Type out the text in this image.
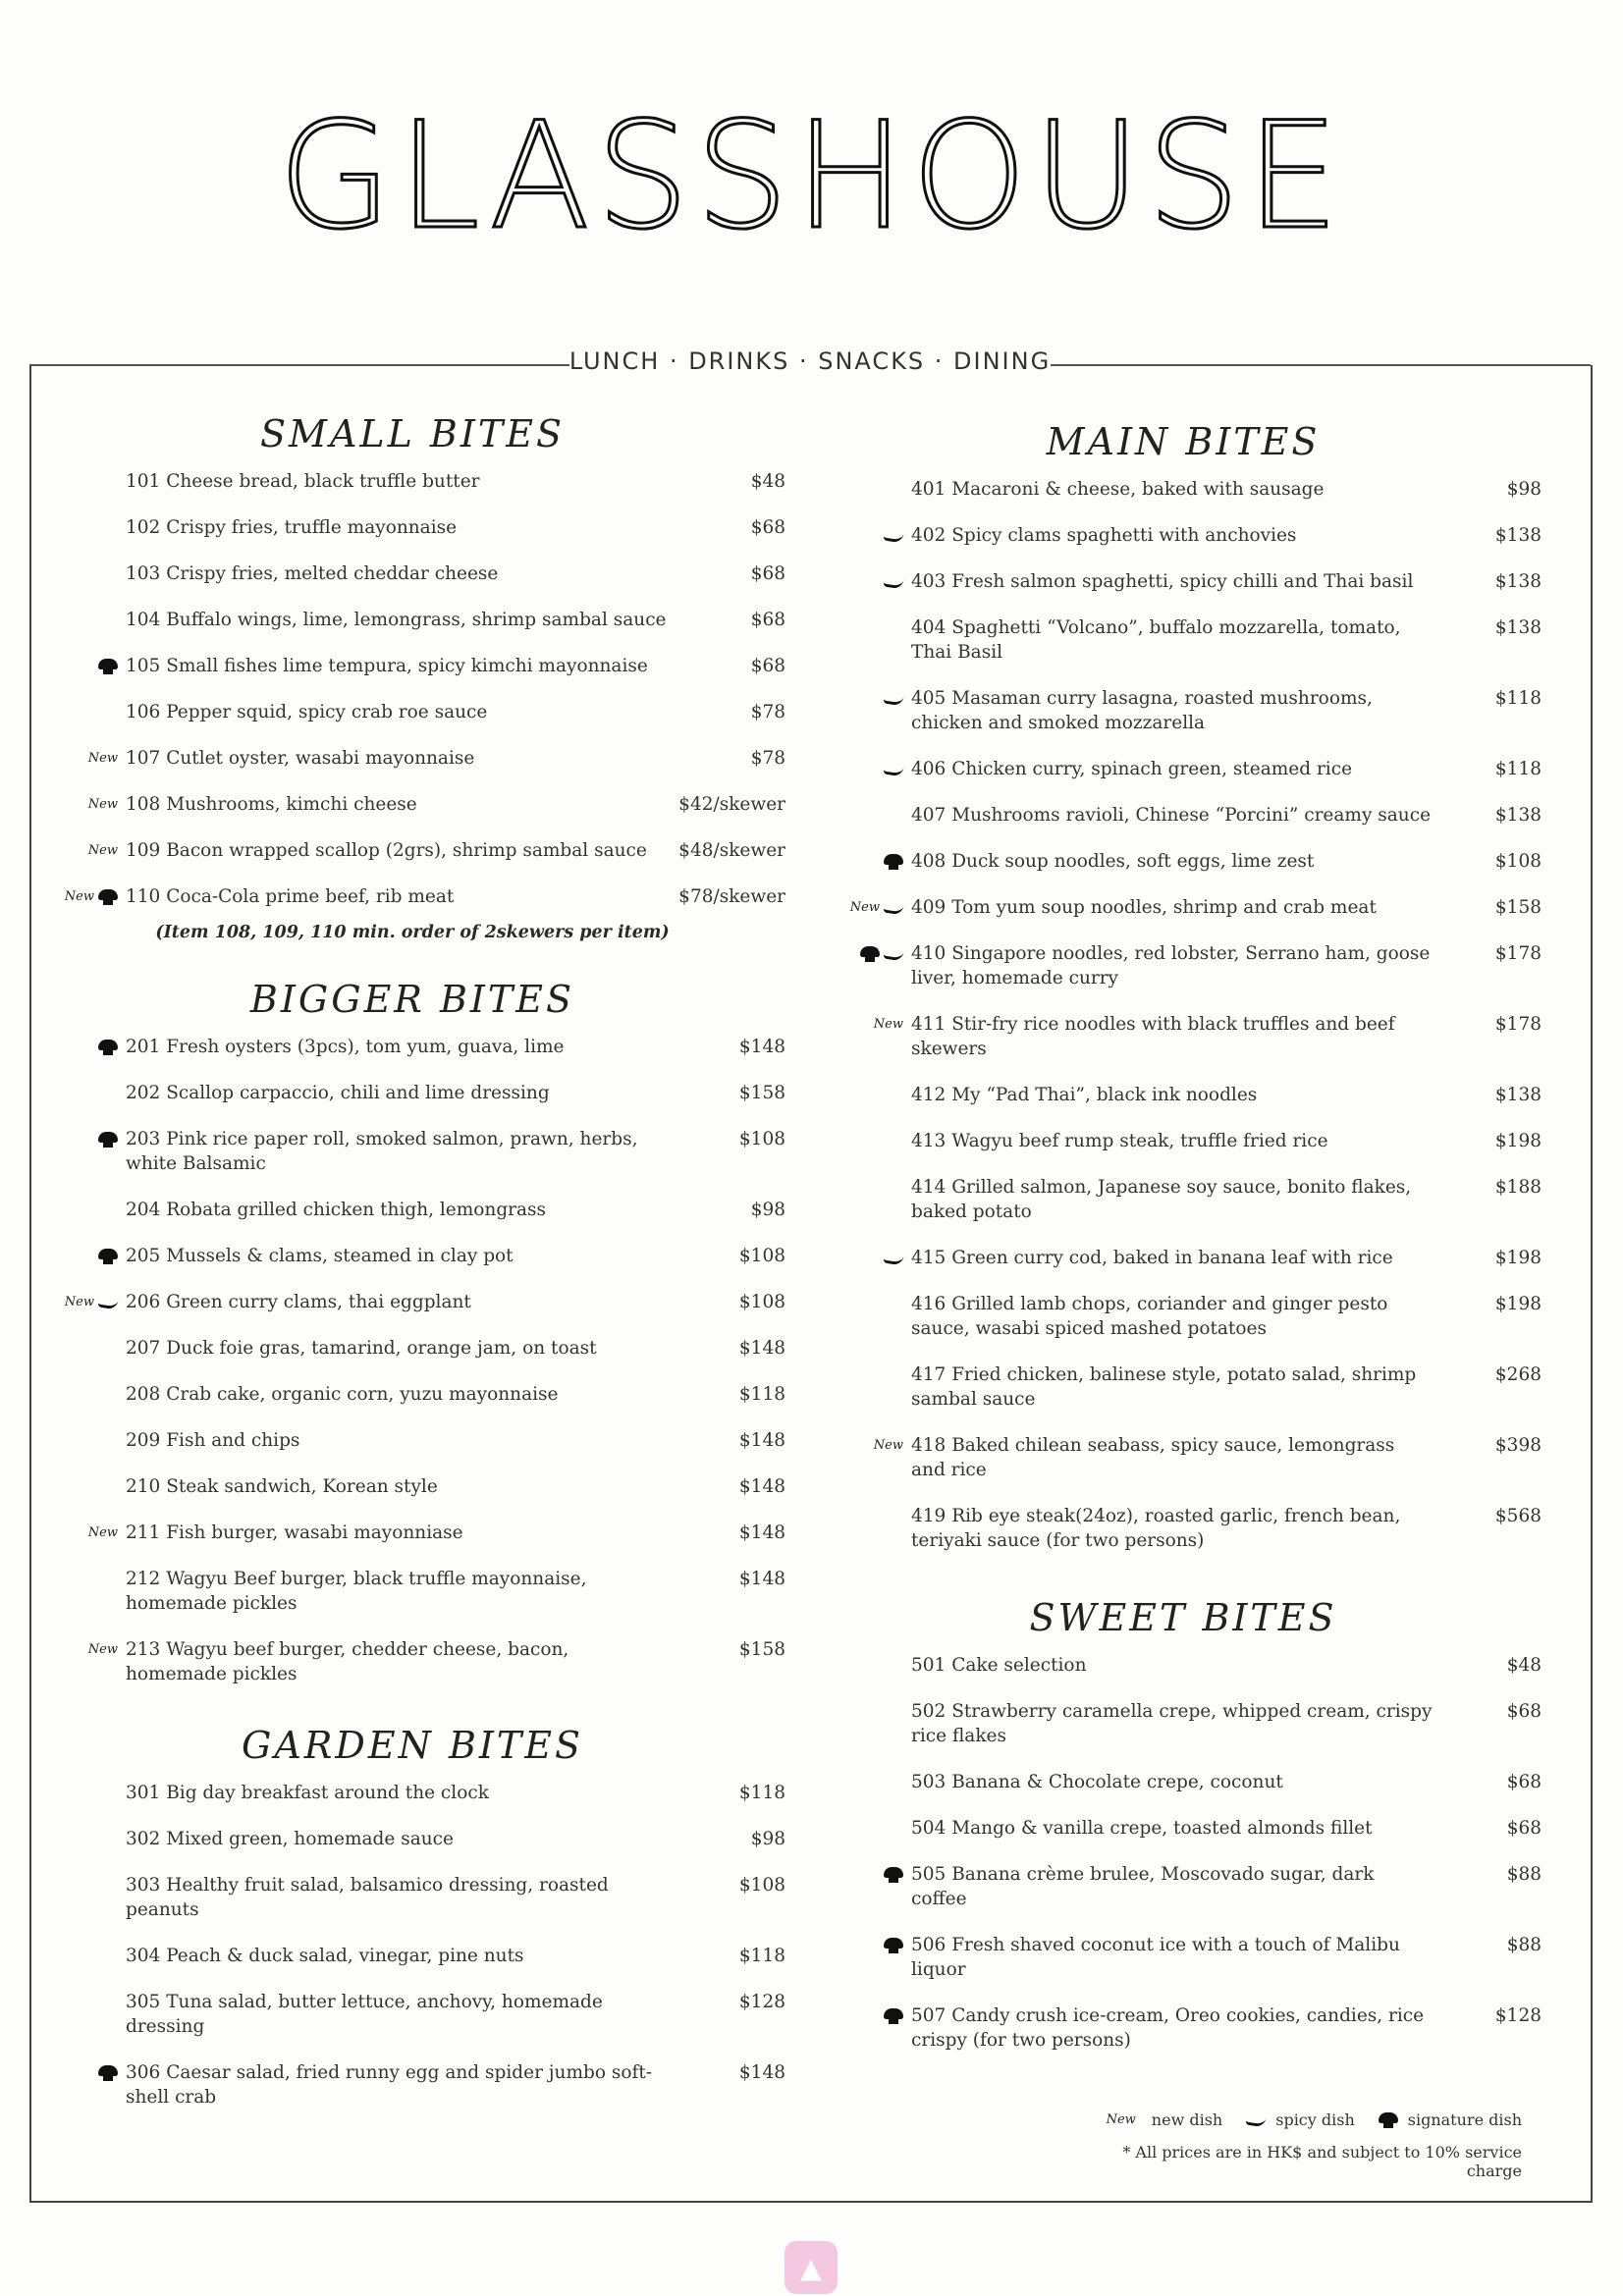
GLASSHOUSE
LUNCH · DRINKS · SNACKS · DINING
SMALL BITES
101 Cheese bread, black truffle butter	$48
102 Crispy fries, truffle mayonnaise	$68
103 Crispy fries, melted cheddar cheese	$68
104 Buffalo wings, lime, lemongrass, shrimp sambal sauce	$68
105 Small fishes lime tempura, spicy kimchi mayonnaise	$68
106 Pepper squid, spicy crab roe sauce	$78
New 107 Cutlet oyster, wasabi mayonnaise	$78
New 108 Mushrooms, kimchi cheese	$42/skewer
New 109 Bacon wrapped scallop (2grs), shrimp sambal sauce	$48/skewer
New 110 Coca-Cola prime beef, rib meat	$78/skewer
(Item 108, 109, 110 min. order of 2skewers per item)
BIGGER BITES
201 Fresh oysters (3pcs), tom yum, guava, lime	$148
202 Scallop carpaccio, chili and lime dressing	$158
203 Pink rice paper roll, smoked salmon, prawn, herbs, white Balsamic
$108
204 Robata grilled chicken thigh, lemongrass	$98
205 Mussels & clams, steamed in clay pot	$108
New 206 Green curry clams, thai eggplant	$108
207 Duck foie gras, tamarind, orange jam, on toast	$148
208 Crab cake, organic corn, yuzu mayonnaise	$118
209 Fish and chips	$148
210 Steak sandwich, Korean style	$148
New 211 Fish burger, wasabi mayonniase	$148
212 Wagyu Beef burger, black truffle mayonnaise, homemade pickles
$148
New 213 Wagyu beef burger, chedder cheese, bacon, homemade pickles
$158
GARDEN BITES
301 Big day breakfast around the clock	$118
302 Mixed green, homemade sauce	$98
303 Healthy fruit salad, balsamico dressing, roasted peanuts
$108
304 Peach & duck salad, vinegar, pine nuts	$118
305 Tuna salad, butter lettuce, anchovy, homemade dressing
$128
306 Caesar salad, fried runny egg and spider jumbo soft-shell crab
$148
MAIN BITES
401 Macaroni & cheese, baked with sausage	$98
402 Spicy clams spaghetti with anchovies	$138
403 Fresh salmon spaghetti, spicy chilli and Thai basil	$138
404 Spaghetti “Volcano”, buffalo mozzarella, tomato, Thai Basil
$138
405 Masaman curry lasagna, roasted mushrooms, chicken and smoked mozzarella
$118
406 Chicken curry, spinach green, steamed rice	$118
407 Mushrooms ravioli, Chinese “Porcini” creamy sauce	$138
408 Duck soup noodles, soft eggs, lime zest	$108
New 409 Tom yum soup noodles, shrimp and crab meat	$158
410 Singapore noodles, red lobster, Serrano ham, goose liver, homemade curry
$178
New 411 Stir-fry rice noodles with black truffles and beef skewers
$178
412 My “Pad Thai”, black ink noodles	$138
413 Wagyu beef rump steak, truffle fried rice	$198
414 Grilled salmon, Japanese soy sauce, bonito flakes, baked potato
$188
415 Green curry cod, baked in banana leaf with rice	$198
416 Grilled lamb chops, coriander and ginger pesto sauce, wasabi spiced mashed potatoes
$198
417 Fried chicken, balinese style, potato salad, shrimp sambal sauce
$268
New 418 Baked chilean seabass, spicy sauce, lemongrass and rice
$398
419 Rib eye steak(24oz), roasted garlic, french bean, teriyaki sauce (for two persons)
$568
SWEET BITES
501 Cake selection	$48
502 Strawberry caramella crepe, whipped cream, crispy rice flakes
$68
503 Banana & Chocolate crepe, coconut	$68
504 Mango & vanilla crepe, toasted almonds fillet	$68
505 Banana crème brulee, Moscovado sugar, dark coffee
$88
506 Fresh shaved coconut ice with a touch of Malibu liquor
$88
507 Candy crush ice-cream, Oreo cookies, candies, rice crispy (for two persons)
$128
New new dish	spicy dish	signature dish
* All prices are in HK$ and subject to 10% service charge
▲
